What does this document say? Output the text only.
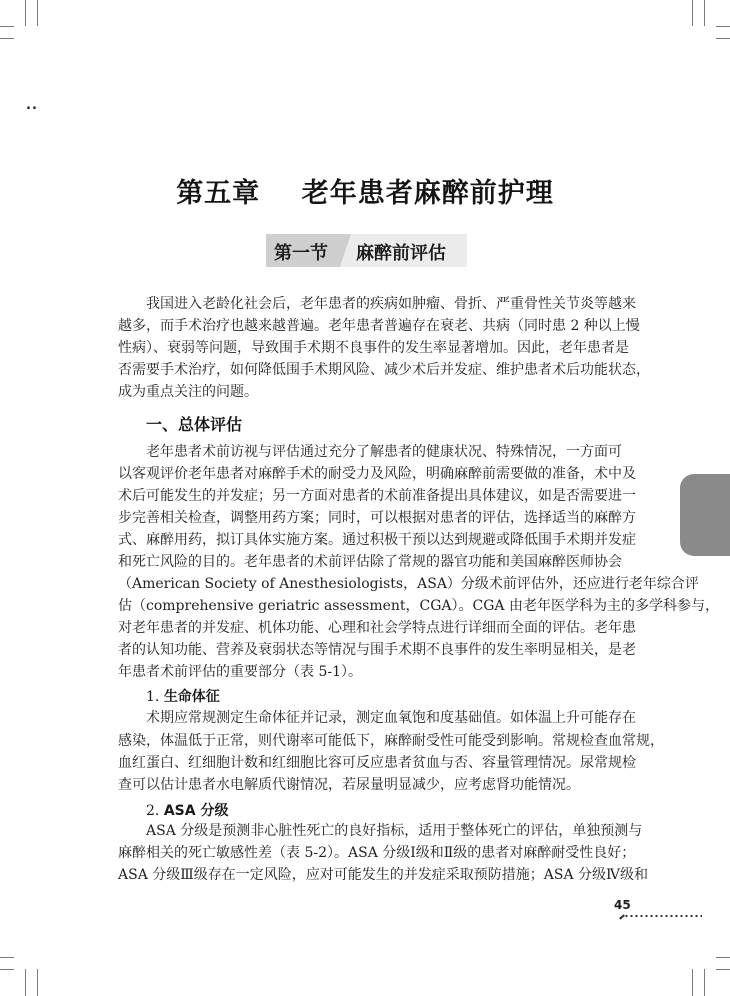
..
第五章    老年患者麻醉前护理
第一节 麻醉前评估
我国进入老龄化社会后，老年患者的疾病如肿瘤、骨折、严重骨性关节炎等越来
越多，而手术治疗也越来越普遍。老年患者普遍存在衰老、共病（同时患 2 种以上慢
性病）、衰弱等问题，导致围手术期不良事件的发生率显著增加。因此，老年患者是
否需要手术治疗，如何降低围手术期风险、减少术后并发症、维护患者术后功能状态，
成为重点关注的问题。
一、总体评估
老年患者术前访视与评估通过充分了解患者的健康状况、特殊情况，一方面可
以客观评价老年患者对麻醉手术的耐受力及风险，明确麻醉前需要做的准备，术中及
术后可能发生的并发症；另一方面对患者的术前准备提出具体建议，如是否需要进一
步完善相关检查，调整用药方案；同时，可以根据对患者的评估，选择适当的麻醉方
式、麻醉用药，拟订具体实施方案。通过积极干预以达到规避或降低围手术期并发症
和死亡风险的目的。老年患者的术前评估除了常规的器官功能和美国麻醉医师协会
（American Society of Anesthesiologists，ASA）分级术前评估外，还应进行老年综合评
估（comprehensive geriatric assessment，CGA）。CGA 由老年医学科为主的多学科参与，
对老年患者的并发症、机体功能、心理和社会学特点进行详细而全面的评估。老年患
者的认知功能、营养及衰弱状态等情况与围手术期不良事件的发生率明显相关，是老
年患者术前评估的重要部分（表 5-1）。
1. 生命体征
术期应常规测定生命体征并记录，测定血氧饱和度基础值。如体温上升可能存在
感染，体温低于正常，则代谢率可能低下，麻醉耐受性可能受到影响。常规检查血常规，
血红蛋白、红细胞计数和红细胞比容可反应患者贫血与否、容量管理情况。尿常规检
查可以估计患者水电解质代谢情况，若尿量明显减少，应考虑肾功能情况。
2. ASA 分级
ASA 分级是预测非心脏性死亡的良好指标，适用于整体死亡的评估，单独预测与
麻醉相关的死亡敏感性差（表 5-2）。ASA 分级Ⅰ级和Ⅱ级的患者对麻醉耐受性良好；
ASA 分级Ⅲ级存在一定风险，应对可能发生的并发症采取预防措施；ASA 分级Ⅳ级和
45
